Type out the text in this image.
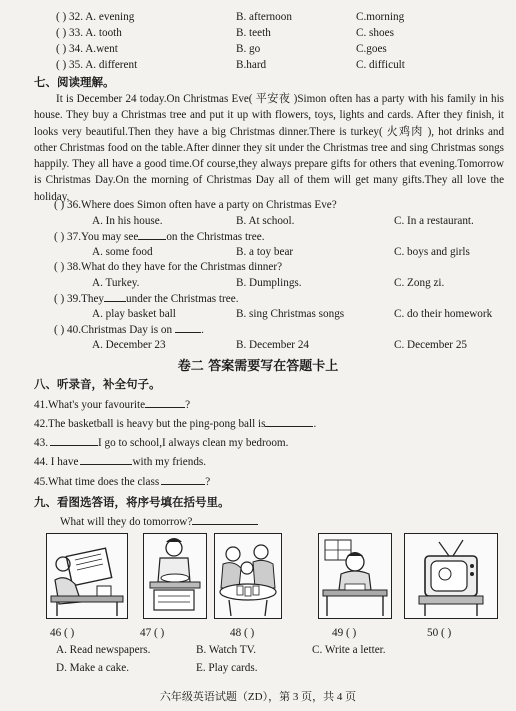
( ) 32. A. evening	B. afternoon	C.morning
( ) 33. A. tooth	B. teeth	C. shoes
( ) 34. A.went	B. go	C.goes
( ) 35. A. different	B.hard	C. difficult
七、阅读理解。
It is December 24 today.On Christmas Eve( 平安夜 )Simon often has a party with his family in his house. They buy a Christmas tree and put it up with flowers, toys, lights and cards. After they finish, it looks very beautiful.Then they have a big Christmas dinner.There is turkey( 火鸡肉 ), hot drinks and other Christmas food on the table.After dinner they sit under the Christmas tree and sing Christmas songs happily. They all have a good time.Of course,they always prepare gifts for others that evening.Tomorrow is Christmas Day.On the morning of Christmas Day all of them will get many gifts.They all love the holiday.
( ) 36.Where does Simon often have a party on Christmas Eve?
A. In his house.	B. At school.	C. In a restaurant.
( ) 37.You may see	on the Christmas tree.
A. some food	B. a toy bear	C. boys and girls
( ) 38.What do they have for the Christmas dinner?
A. Turkey.	B. Dumplings.	C. Zong zi.
( ) 39.They under the Christmas tree.
A. play basket ball	B. sing Christmas songs	C. do their homework
( ) 40.Christmas Day is on	.
A. December 23	B. December 24	C. December 25
卷二 答案需要写在答题卡上
八、听录音，补全句子。
41.What's your favourite	?
42.The basketball is heavy but the ping-pong ball is	.
43.	I go to school,I always clean my bedroom.
44. I have	with my friends.
45.What time does the class	?
九、看图选答语，将序号填在括号里。
What will they do tomorrow?
46 ( )	47 ( )	48 ( )	49 ( )	50 ( )
A. Read newspapers.	B. Watch TV.	C. Write a letter.
D. Make a cake.	E. Play cards.
六年级英语试题（ZD），第 3 页，共 4 页
